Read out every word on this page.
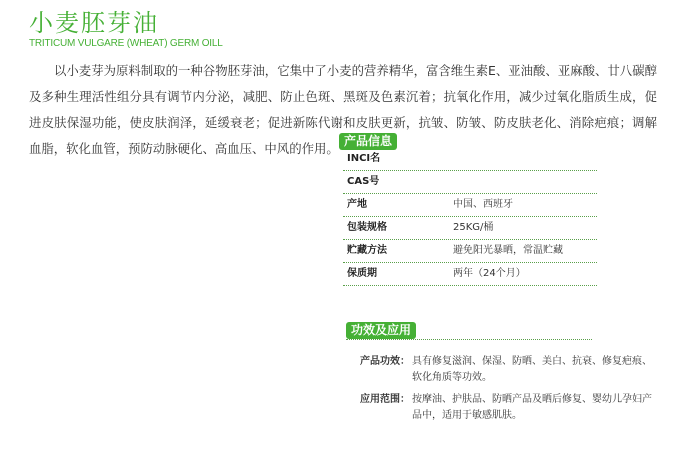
小麦胚芽油
TRITICUM VULGARE (WHEAT) GERM OILL

以小麦芽为原料制取的一种谷物胚芽油，它集中了小麦的营养精华，富含维生素E、亚油酸、亚麻酸、廿八碳醇及多种生理活性组分具有调节内分泌，减肥、防止色斑、黑斑及色素沉着；抗氧化作用，减少过氧化脂质生成，促进皮肤保湿功能，使皮肤润泽，延缓衰老；促进新陈代谢和皮肤更新，抗皱、防皱、防皮肤老化、消除疤痕；调解血脂，软化血管，预防动脉硬化、高血压、中风的作用。 产品信息
INCI名
CAS号
产地	中国、西班牙
包装规格	25KG/桶
贮藏方法	避免阳光暴晒，常温贮藏
保质期	两年（24个月）
功效及应用
产品功效： 具有修复滋润、保湿、防晒、美白、抗衰、修复疤痕、软化角质等功效。
应用范围： 按摩油、护肤品、防晒产品及晒后修复、婴幼儿孕妇产品中，适用于敏感肌肤。
